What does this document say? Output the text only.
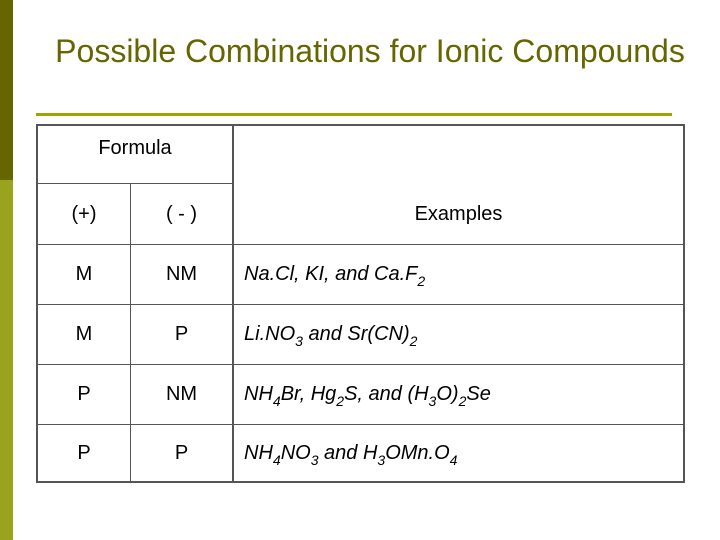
Possible Combinations for Ionic Compounds
Formula
(+)	( - )	Examples
M	NM	Na.Cl, KI, and $Ca.F_2$
M	P	$Li.NO_3$ and $Sr(CN)_2$
P	NM	$NH_4Br$, $Hg_2S$, and $(H_3O)_2Se$
P	P	$NH_4NO_3$ and $H_3OMn.O_4$
